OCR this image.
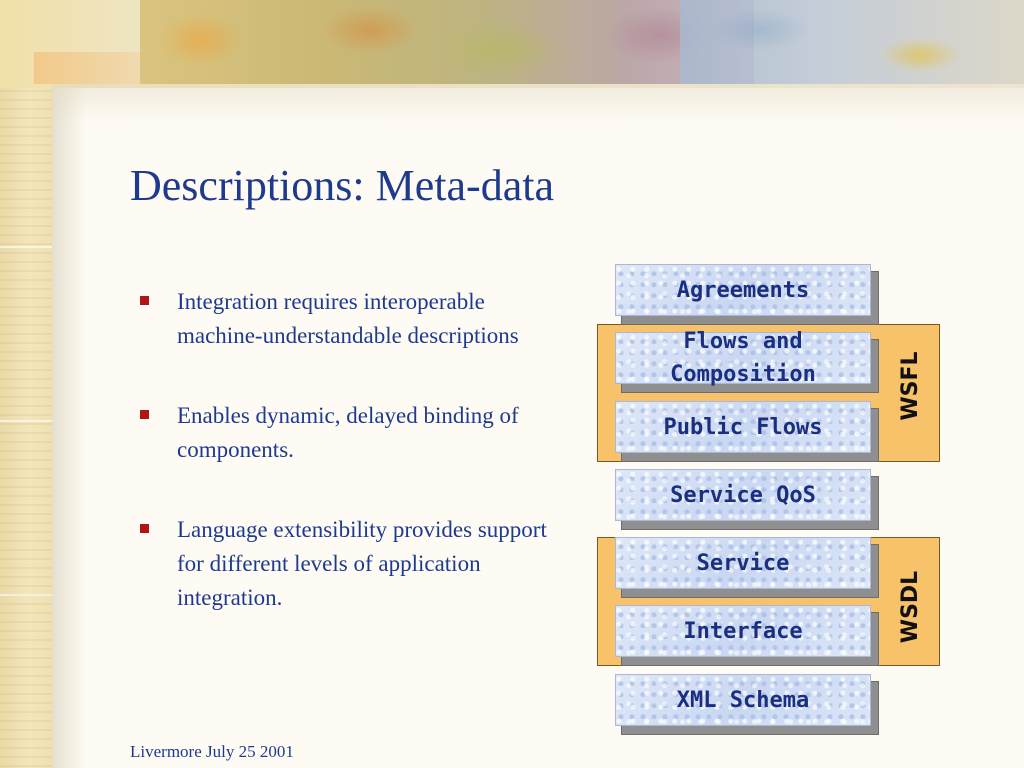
Descriptions: Meta-data
Integration requires interoperable machine-understandable descriptions
Enables dynamic, delayed binding of components.
Language extensibility provides support for different levels of application integration.
WSFL
WSDL
Agreements
Flows and Composition
Public Flows
Service QoS
Service
Interface
XML Schema
Livermore July 25 2001
